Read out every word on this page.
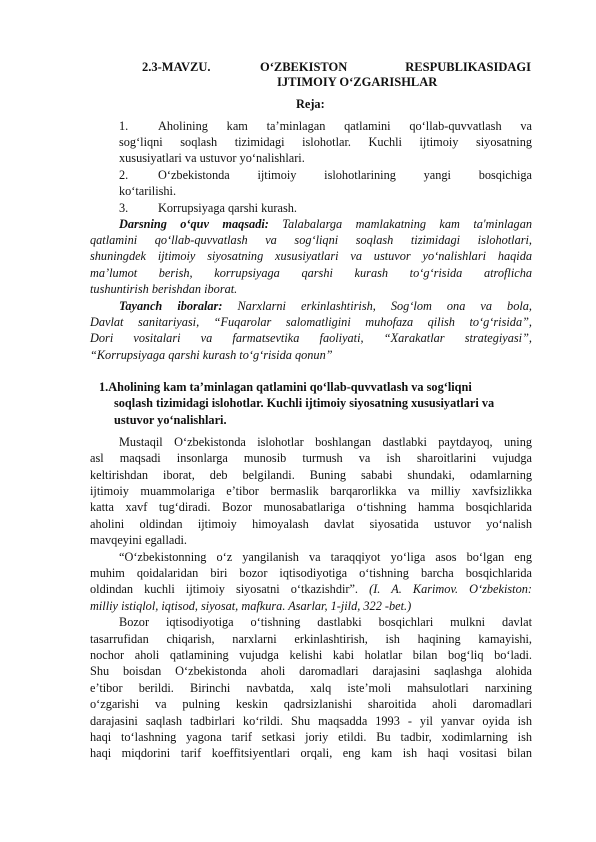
2.3-MAVZU.	O‘ZBEKISTON	RESPUBLIKASIDAGI
IJTIMOIY O‘ZGARISHLAR
Reja:
1. Aholining kam ta’minlagan qatlamini qo‘llab-quvvatlash va
sog‘liqni soqlash tizimidagi islohotlar. Kuchli ijtimoiy siyosatning
xususiyatlari va ustuvor yo‘nalishlari.
2. O‘zbekistonda ijtimoiy islohotlarining yangi bosqichiga
ko‘tarilishi.
3. Korrupsiyaga qarshi kurash.
Darsning o‘quv maqsadi: Talabalarga mamlakatning kam ta'minlagan
qatlamini qo‘llab-quvvatlash va sog‘liqni soqlash tizimidagi islohotlari,
shuningdek ijtimoiy siyosatning xususiyatlari va ustuvor yo‘nalishlari haqida
ma’lumot berish, korrupsiyaga qarshi kurash to‘g‘risida atroflicha
tushuntirish berishdan iborat.
Tayanch iboralar: Narxlarni erkinlashtirish, Sog‘lom ona va bola,
Davlat sanitariyasi, “Fuqarolar salomatligini muhofaza qilish to‘g‘risida”,
Dori vositalari va farmatsevtika faoliyati, “Xarakatlar strategiyasi”,
“Korrupsiyaga qarshi kurash to‘g‘risida qonun”
1.Aholining kam ta’minlagan qatlamini qo‘llab-quvvatlash va sog‘liqni
soqlash tizimidagi islohotlar. Kuchli ijtimoiy siyosatning xususiyatlari va
ustuvor yo‘nalishlari.
Mustaqil O‘zbekistonda islohotlar boshlangan dastlabki paytdayoq, uning
asl maqsadi insonlarga munosib turmush va ish sharoitlarini vujudga
keltirishdan iborat, deb belgilandi. Buning sababi shundaki, odamlarning
ijtimoiy muammolariga e’tibor bermaslik barqarorlikka va milliy xavfsizlikka
katta xavf tug‘diradi. Bozor munosabatlariga o‘tishning hamma bosqichlarida
aholini oldindan ijtimoiy himoyalash davlat siyosatida ustuvor yo‘nalish
mavqeyini egalladi.
“O‘zbekistonning o‘z yangilanish va taraqqiyot yo‘liga asos bo‘lgan eng
muhim qoidalaridan biri bozor iqtisodiyotiga o‘tishning barcha bosqichlarida
oldindan kuchli ijtimoiy siyosatni o‘tkazishdir”. (I. A. Karimov. O‘zbekiston:
milliy istiqlol, iqtisod, siyosat, mafkura. Asarlar, 1-jild, 322 -bet.)
Bozor iqtisodiyotiga o‘tishning dastlabki bosqichlari mulkni davlat
tasarrufidan chiqarish, narxlarni erkinlashtirish, ish haqining kamayishi,
nochor aholi qatlamining vujudga kelishi kabi holatlar bilan bog‘liq bo‘ladi.
Shu boisdan O‘zbekistonda aholi daromadlari darajasini saqlashga alohida
e’tibor berildi. Birinchi navbatda, xalq iste’moli mahsulotlari narxining
o‘zgarishi va pulning keskin qadrsizlanishi sharoitida aholi daromadlari
darajasini saqlash tadbirlari ko‘rildi. Shu maqsadda 1993 - yil yanvar oyida ish
haqi to‘lashning yagona tarif setkasi joriy etildi. Bu tadbir, xodimlarning ish
haqi miqdorini tarif koeffitsiyentlari orqali, eng kam ish haqi vositasi bilan
